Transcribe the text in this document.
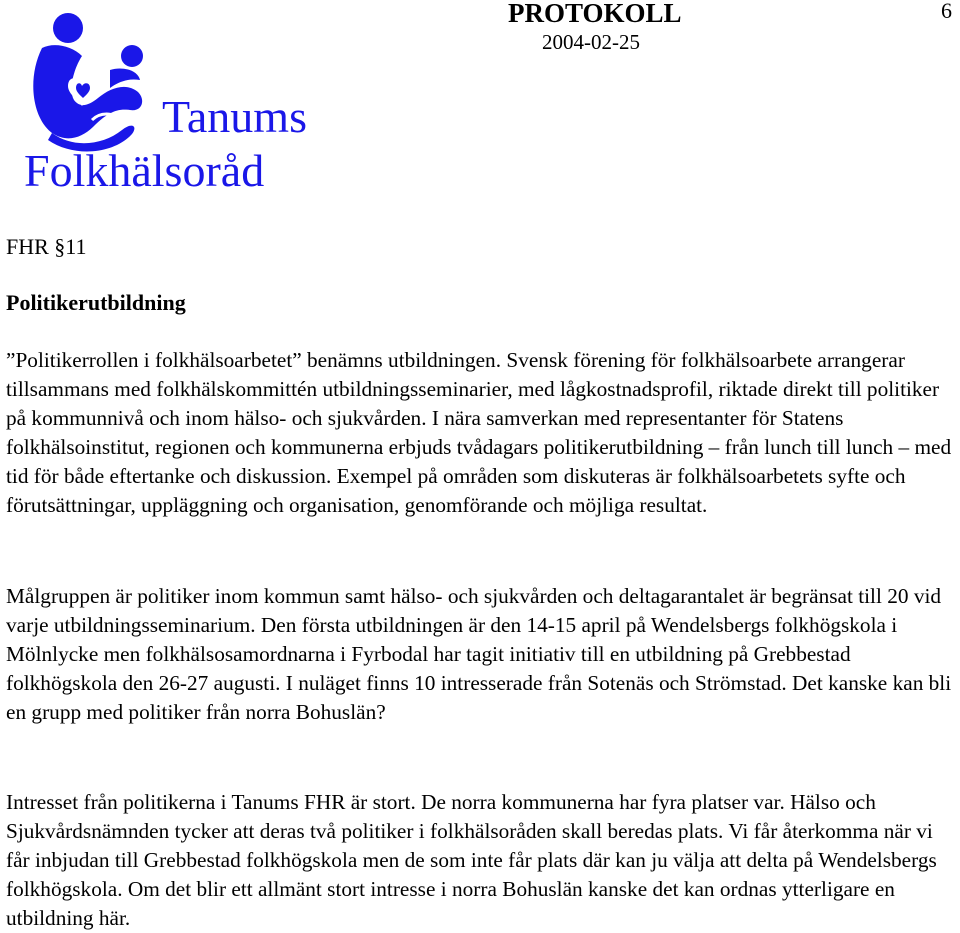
Tanums
Folkhälsoråd
PROTOKOLL	6
2004-02-25
FHR §11
Politikerutbildning

”Politikerrollen i folkhälsoarbetet” benämns utbildningen. Svensk förening för folkhälsoarbete arrangerar tillsammans med folkhälskommittén utbildningsseminarier, med lågkostnadsprofil, riktade direkt till politiker på kommunnivå och inom hälso- och sjukvården. I nära samverkan med representanter för Statens folkhälsoinstitut, regionen och kommunerna erbjuds tvådagars politikerutbildning – från lunch till lunch – med tid för både eftertanke och diskussion. Exempel på områden som diskuteras är folkhälsoarbetets syfte och förutsättningar, uppläggning och organisation, genomförande och möjliga resultat.

Målgruppen är politiker inom kommun samt hälso- och sjukvården och deltagarantalet är begränsat till 20 vid varje utbildningsseminarium. Den första utbildningen är den 14-15 april på Wendelsbergs folkhögskola i Mölnlycke men folkhälsosamordnarna i Fyrbodal har tagit initiativ till en utbildning på Grebbestad folkhögskola den 26-27 augusti. I nuläget finns 10 intresserade från Sotenäs och Strömstad. Det kanske kan bli en grupp med politiker från norra Bohuslän?

Intresset från politikerna i Tanums FHR är stort. De norra kommunerna har fyra platser var. Hälso och Sjukvårdsnämnden tycker att deras två politiker i folkhälsoråden skall beredas plats. Vi får återkomma när vi får inbjudan till Grebbestad folkhögskola men de som inte får plats där kan ju välja att delta på Wendelsbergs folkhögskola. Om det blir ett allmänt stort intresse i norra Bohuslän kanske det kan ordnas ytterligare en utbildning här.
